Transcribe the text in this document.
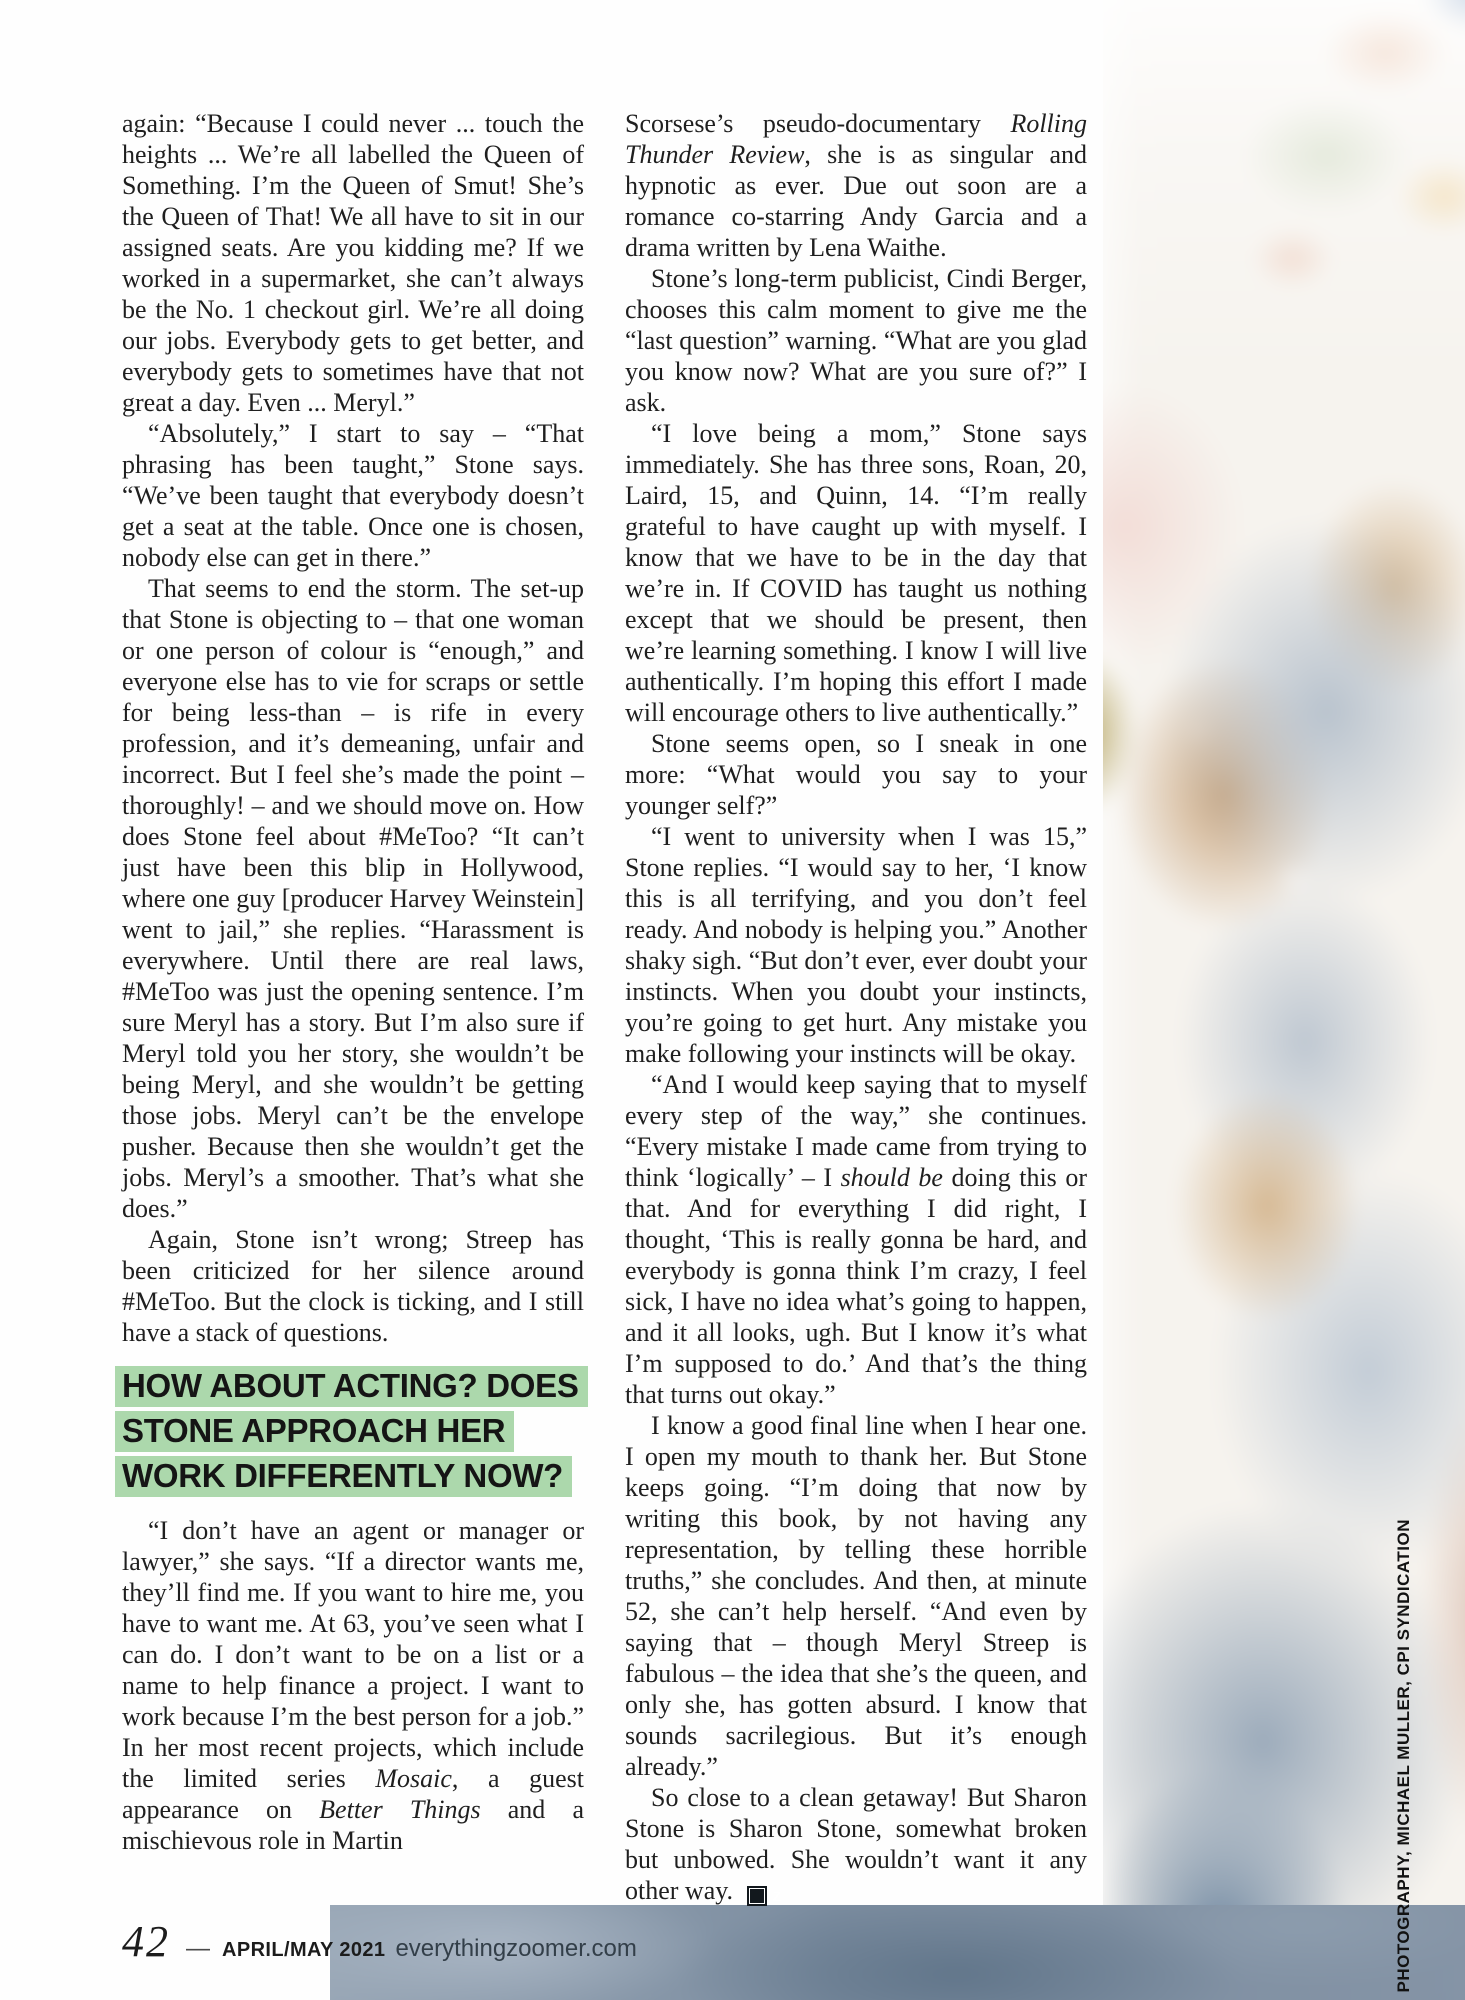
again: “Because I could never ... touch the heights ... We’re all labelled the Queen of Something. I’m the Queen of Smut! She’s the Queen of That! We all have to sit in our assigned seats. Are you kidding me? If we worked in a supermarket, she can’t always be the No. 1 checkout girl. We’re all doing our jobs. Everybody gets to get better, and everybody gets to sometimes have that not great a day. Even ... Meryl.”

“Absolutely,” I start to say – “That phrasing has been taught,” Stone says. “We’ve been taught that everybody doesn’t get a seat at the table. Once one is chosen, nobody else can get in there.”

That seems to end the storm. The set-up that Stone is objecting to – that one woman or one person of colour is “enough,” and everyone else has to vie for scraps or settle for being less-than – is rife in every profession, and it’s demeaning, unfair and incorrect. But I feel she’s made the point – thoroughly! – and we should move on. How does Stone feel about #MeToo? “It can’t just have been this blip in Hollywood, where one guy [producer Harvey Weinstein] went to jail,” she replies. “Harassment is everywhere. Until there are real laws, #MeToo was just the opening sentence. I’m sure Meryl has a story. But I’m also sure if Meryl told you her story, she wouldn’t be being Meryl, and she wouldn’t be getting those jobs. Meryl can’t be the envelope pusher. Because then she wouldn’t get the jobs. Meryl’s a smoother. That’s what she does.”

Again, Stone isn’t wrong; Streep has been criticized for her silence around #MeToo. But the clock is ticking, and I still have a stack of questions.

HOW ABOUT ACTING? DOES
STONE APPROACH HER
WORK DIFFERENTLY NOW?

“I don’t have an agent or manager or lawyer,” she says. “If a director wants me, they’ll find me. If you want to hire me, you have to want me. At 63, you’ve seen what I can do. I don’t want to be on a list or a name to help finance a project. I want to work because I’m the best person for a job.” In her most recent projects, which include the limited series Mosaic, a guest appearance on Better Things and a mischievous role in Martin

Scorsese’s pseudo-documentary Rolling Thunder Review, she is as singular and hypnotic as ever. Due out soon are a romance co-starring Andy Garcia and a drama written by Lena Waithe.

Stone’s long-term publicist, Cindi Berger, chooses this calm moment to give me the “last question” warning. “What are you glad you know now? What are you sure of?” I ask.

“I love being a mom,” Stone says immediately. She has three sons, Roan, 20, Laird, 15, and Quinn, 14. “I’m really grateful to have caught up with myself. I know that we have to be in the day that we’re in. If COVID has taught us nothing except that we should be present, then we’re learning something. I know I will live authentically. I’m hoping this effort I made will encourage others to live authentically.”

Stone seems open, so I sneak in one more: “What would you say to your younger self?”

“I went to university when I was 15,” Stone replies. “I would say to her, ‘I know this is all terrifying, and you don’t feel ready. And nobody is helping you.” Another shaky sigh. “But don’t ever, ever doubt your instincts. When you doubt your instincts, you’re going to get hurt. Any mistake you make following your instincts will be okay.

“And I would keep saying that to myself every step of the way,” she continues. “Every mistake I made came from trying to think ‘logically’ – I should be doing this or that. And for everything I did right, I thought, ‘This is really gonna be hard, and everybody is gonna think I’m crazy, I feel sick, I have no idea what’s going to happen, and it all looks, ugh. But I know it’s what I’m supposed to do.’ And that’s the thing that turns out okay.”

I know a good final line when I hear one. I open my mouth to thank her. But Stone keeps going. “I’m doing that now by writing this book, by not having any representation, by telling these horrible truths,” she concludes. And then, at minute 52, she can’t help herself. “And even by saying that – though Meryl Streep is fabulous – the idea that she’s the queen, and only she, has gotten absurd. I know that sounds sacrilegious. But it’s enough already.”

So close to a clean getaway! But Sharon Stone is Sharon Stone, somewhat broken but unbowed. She wouldn’t want it any other way. Z

42 — APRIL/MAY 2021 everythingzoomer.com	PHOTOGRAPHY, MICHAEL MULLER, CPI SYNDICATION
